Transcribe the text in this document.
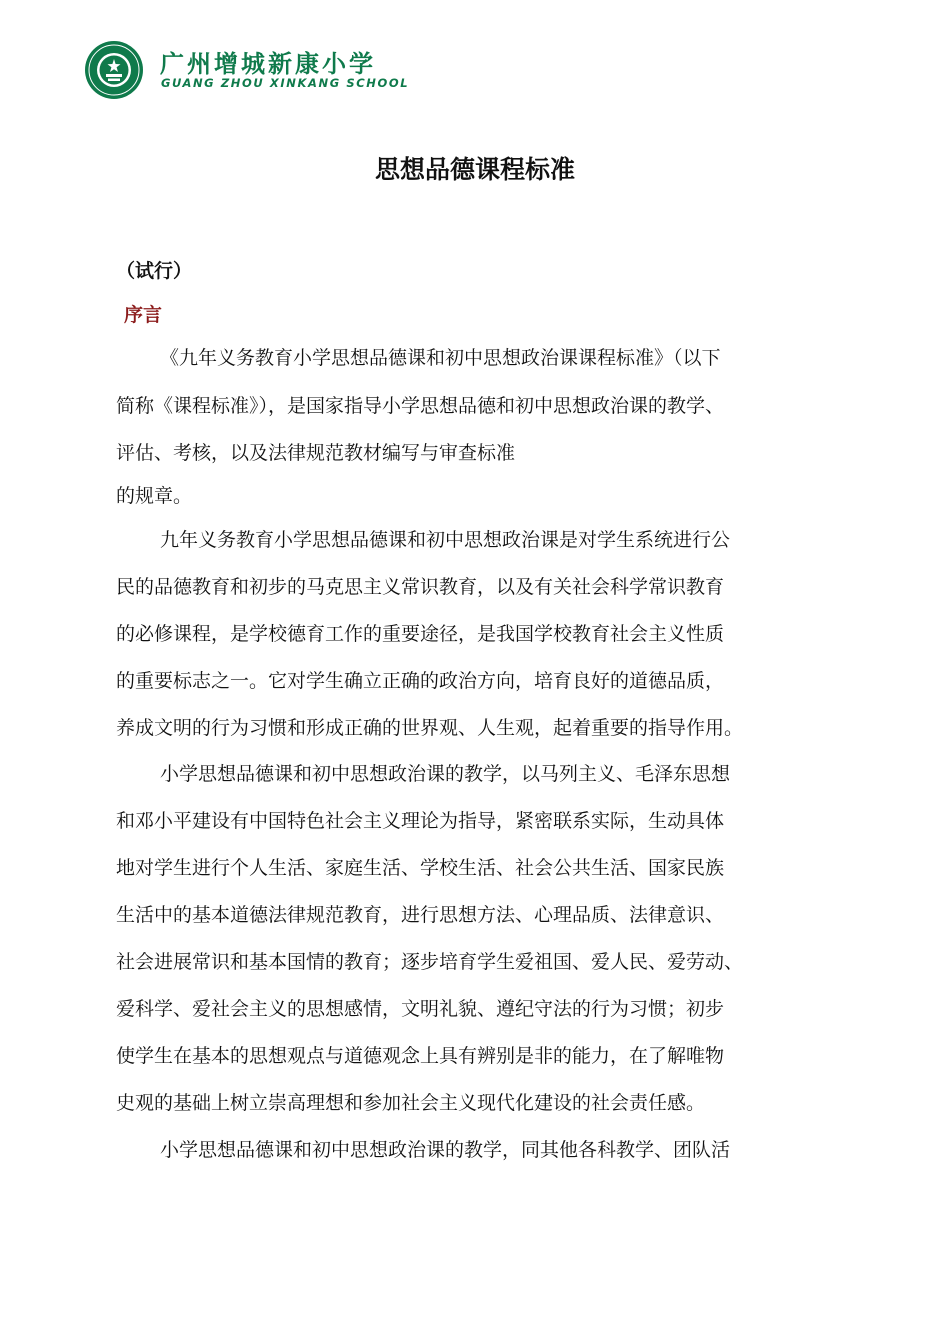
广州增城新康小学
GUANG ZHOU XINKANG SCHOOL
思想品德课程标准
（试行）
序言
《九年义务教育小学思想品德课和初中思想政治课课程标准》（以下
简称《课程标准》），是国家指导小学思想品德和初中思想政治课的教学、
评估、考核，以及法律规范教材编写与审查标准
的规章。
九年义务教育小学思想品德课和初中思想政治课是对学生系统进行公
民的品德教育和初步的马克思主义常识教育，以及有关社会科学常识教育
的必修课程，是学校德育工作的重要途径，是我国学校教育社会主义性质
的重要标志之一。它对学生确立正确的政治方向，培育良好的道德品质，
养成文明的行为习惯和形成正确的世界观、人生观，起着重要的指导作用。
小学思想品德课和初中思想政治课的教学，以马列主义、毛泽东思想
和邓小平建设有中国特色社会主义理论为指导，紧密联系实际，生动具体
地对学生进行个人生活、家庭生活、学校生活、社会公共生活、国家民族
生活中的基本道德法律规范教育，进行思想方法、心理品质、法律意识、
社会进展常识和基本国情的教育；逐步培育学生爱祖国、爱人民、爱劳动、
爱科学、爱社会主义的思想感情，文明礼貌、遵纪守法的行为习惯；初步
使学生在基本的思想观点与道德观念上具有辨别是非的能力，在了解唯物
史观的基础上树立崇高理想和参加社会主义现代化建设的社会责任感。
小学思想品德课和初中思想政治课的教学，同其他各科教学、团队活
